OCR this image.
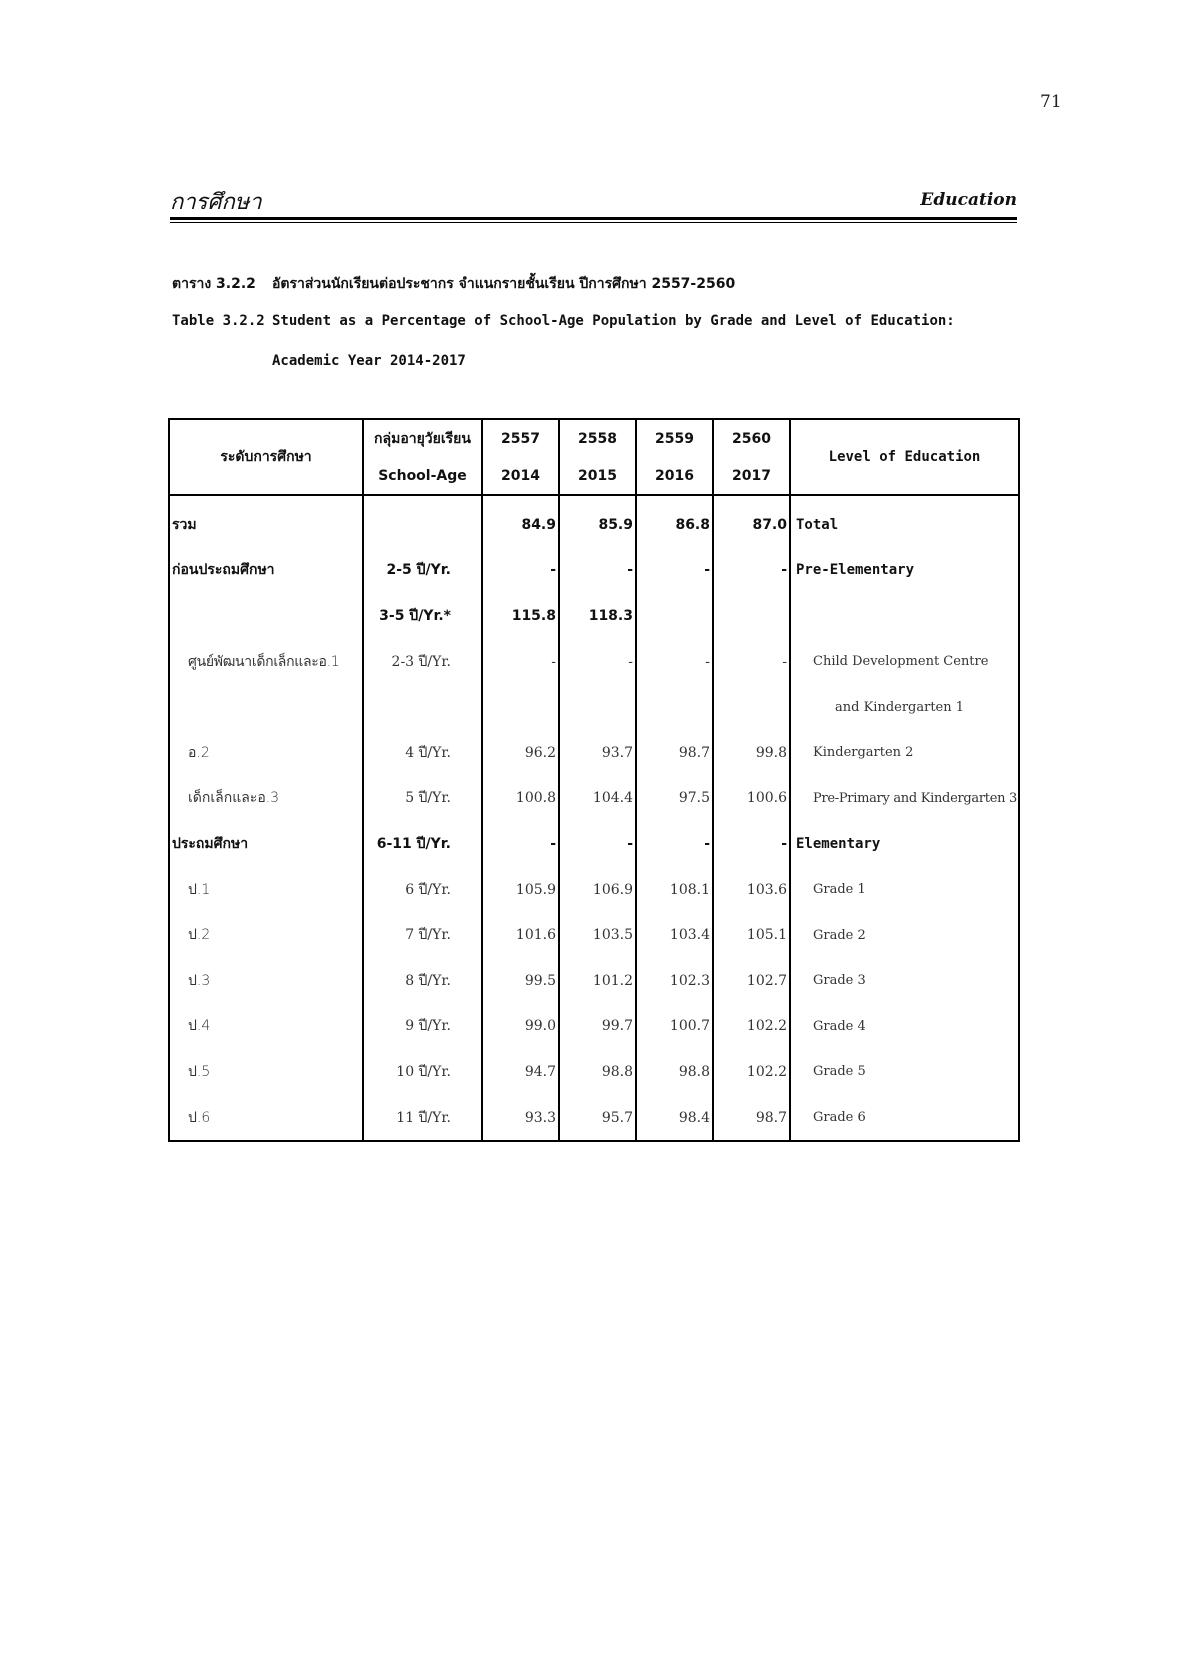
71
การศึกษา	Education
ตาราง 3.2.2 อัตราส่วนนักเรียนต่อประชากร จำแนกรายชั้นเรียน ปีการศึกษา 2557-2560
Table 3.2.2 Student as a Percentage of School-Age Population by Grade and Level of Education:
Academic Year 2014-2017
ระดับการศึกษา	กลุ่มอายุวัยเรียน	2557	2558	2559	2560	Level of Education
	School-Age	2014	2015	2016	2017	
รวม		84.9	85.9	86.8	87.0	Total
ก่อนประถมศึกษา	2-5 ปี/Yr.	-	-	-	-	Pre-Elementary
	3-5 ปี/Yr.*	115.8	118.3			
ศูนย์พัฒนาเด็กเล็กและอ.1	2-3 ปี/Yr.	-	-	-	-	Child Development Centre
						and Kindergarten 1
อ.2	4 ปี/Yr.	96.2	93.7	98.7	99.8	Kindergarten 2
เด็กเล็กและอ.3	5 ปี/Yr.	100.8	104.4	97.5	100.6	Pre-Primary and Kindergarten 3
ประถมศึกษา	6-11 ปี/Yr.	-	-	-	-	Elementary
ป.1	6 ปี/Yr.	105.9	106.9	108.1	103.6	Grade 1
ป.2	7 ปี/Yr.	101.6	103.5	103.4	105.1	Grade 2
ป.3	8 ปี/Yr.	99.5	101.2	102.3	102.7	Grade 3
ป.4	9 ปี/Yr.	99.0	99.7	100.7	102.2	Grade 4
ป.5	10 ปี/Yr.	94.7	98.8	98.8	102.2	Grade 5
ป.6	11 ปี/Yr.	93.3	95.7	98.4	98.7	Grade 6
